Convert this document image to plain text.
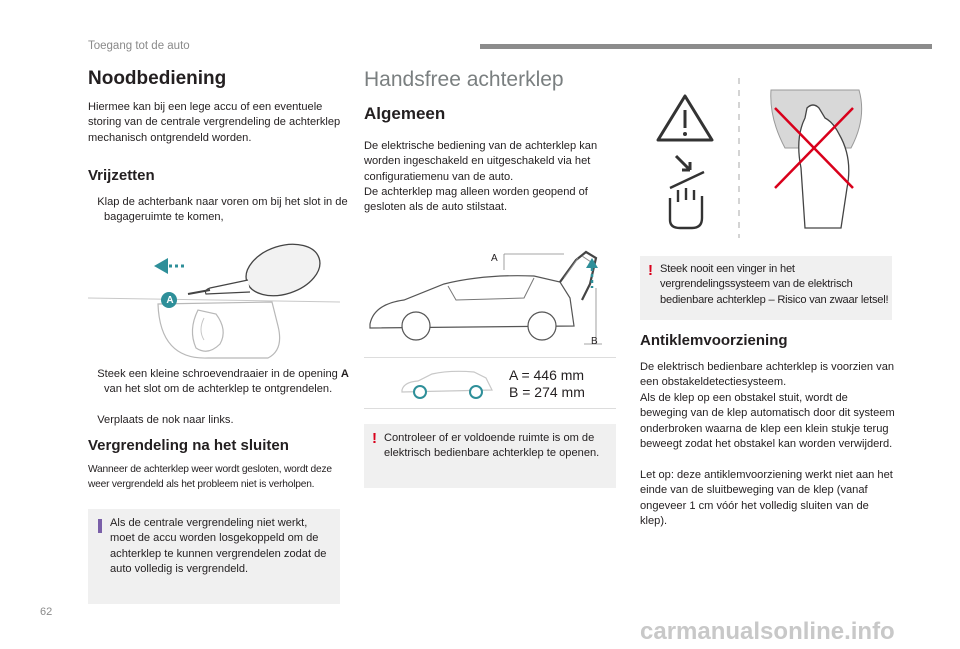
Toegang tot de auto
Noodbediening

Hiermee kan bij een lege accu of een eventuele storing van de centrale vergrendeling de achterklep mechanisch ontgrendeld worden.

Vrijzetten

Klap de achterbank naar voren om bij het slot in de bagageruimte te komen,

A

Steek een kleine schroevendraaier in de opening A van het slot om de achterklep te ontgrendelen.

Verplaats de nok naar links.

Vergrendeling na het sluiten

Wanneer de achterklep weer wordt gesloten, wordt deze weer vergrendeld als het probleem niet is verholpen.

Als de centrale vergrendeling niet werkt, moet de accu worden losgekoppeld om de achterklep te kunnen vergrendelen zodat de auto volledig is vergrendeld.

Handsfree achterklep
Algemeen

De elektrische bediening van de achterklep kan worden ingeschakeld en uitgeschakeld via het configuratiemenu van de auto.

De achterklep mag alleen worden geopend of gesloten als de auto stilstaat.

A
B
A = 446 mm
B = 274 mm
! Controleer of er voldoende ruimte is om de elektrisch bedienbare achterklep te openen.

! Steek nooit een vinger in het vergrendelingssysteem van de elektrisch bedienbare achterklep – Risico van zwaar letsel!

Antiklemvoorziening

De elektrisch bedienbare achterklep is voorzien van een obstakeldetectiesysteem.

Als de klep op een obstakel stuit, wordt de beweging van de klep automatisch door dit systeem onderbroken waarna de klep een klein stukje terug beweegt zodat het obstakel kan worden verwijderd.

Let op: deze antiklemvoorziening werkt niet aan het einde van de sluitbeweging van de klep (vanaf ongeveer 1 cm vóór het volledig sluiten van de klep).

62
carmanualsonline.info
